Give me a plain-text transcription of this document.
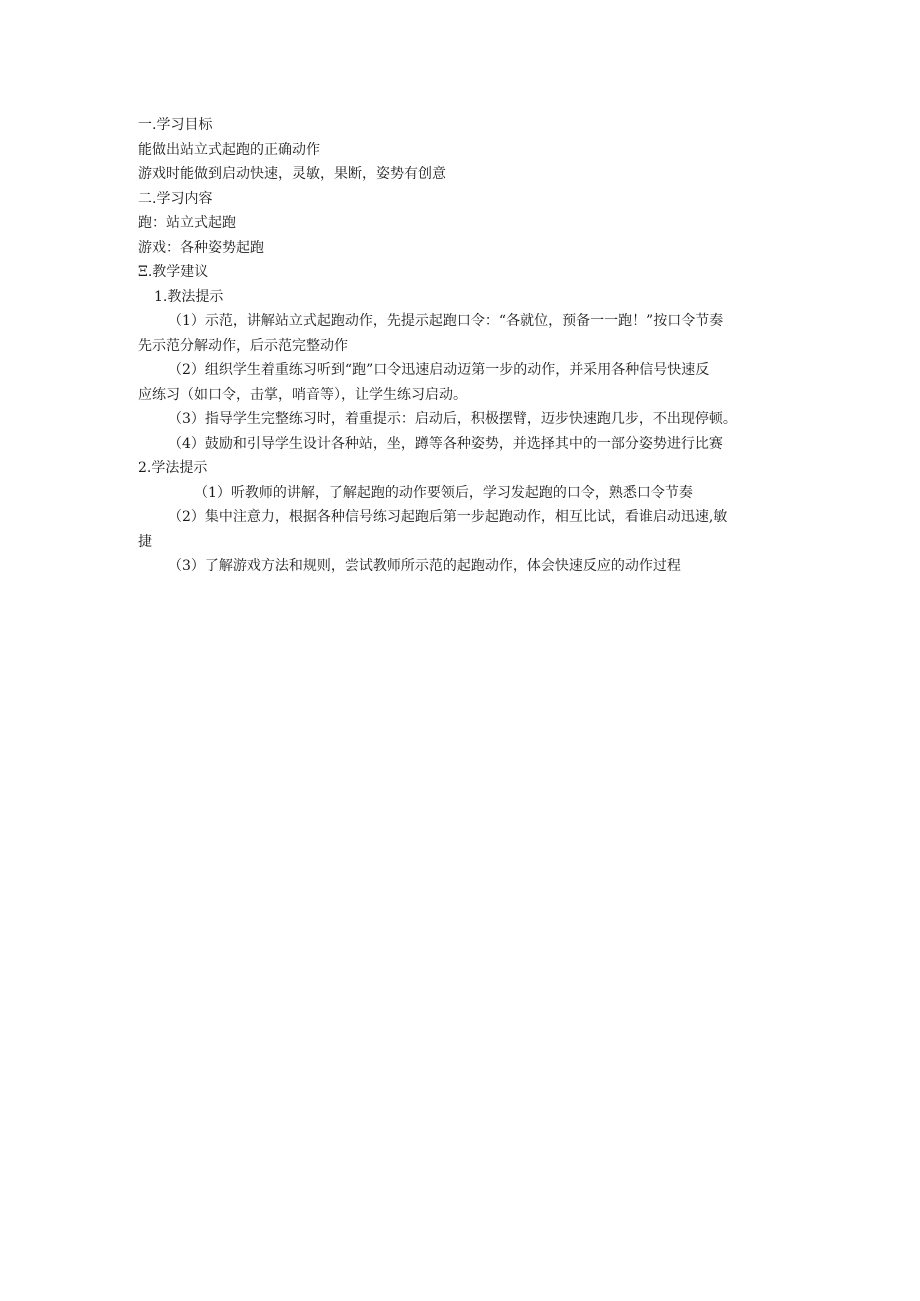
一.学习目标
能做出站立式起跑的正确动作
游戏时能做到启动快速，灵敏，果断，姿势有创意
二.学习内容
跑：站立式起跑
游戏：各种姿势起跑
Ξ.教学建议
1.教法提示
（1）示范，讲解站立式起跑动作，先提示起跑口令：“各就位，预备一一跑！”按口令节奏
先示范分解动作，后示范完整动作
（2）组织学生着重练习听到“跑”口令迅速启动迈第一步的动作，并采用各种信号快速反
应练习（如口令，击掌，哨音等），让学生练习启动。
（3）指导学生完整练习时，着重提示：启动后，积极摆臂，迈步快速跑几步，不出现停顿。
（4）鼓励和引导学生设计各种站，坐，蹲等各种姿势，并选择其中的一部分姿势进行比赛
2.学法提示
（1）听教师的讲解，了解起跑的动作要领后，学习发起跑的口令，熟悉口令节奏
（2）集中注意力，根据各种信号练习起跑后第一步起跑动作，相互比试，看谁启动迅速,敏
捷
（3）了解游戏方法和规则，尝试教师所示范的起跑动作，体会快速反应的动作过程
